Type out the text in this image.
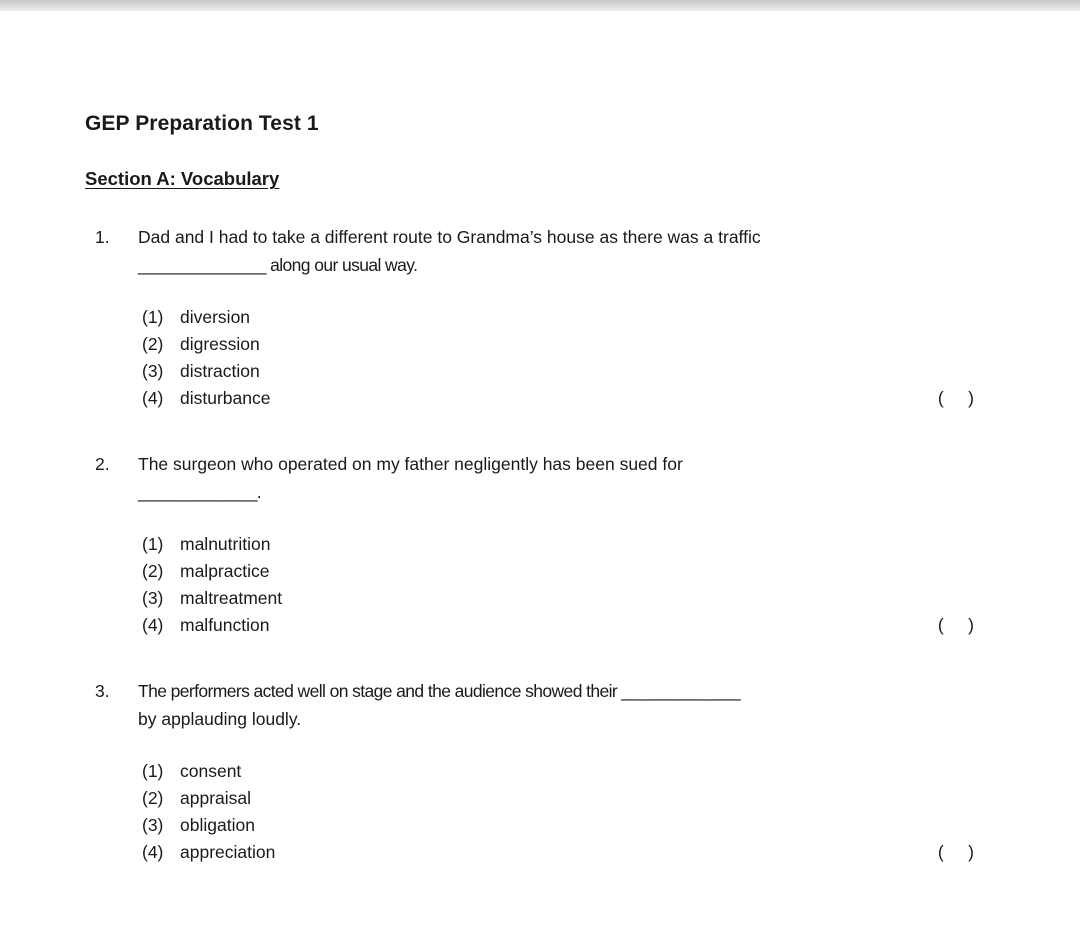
GEP Preparation Test 1
Section A: Vocabulary
1.	Dad and I had to take a different route to Grandma’s house as there was a traffic
______________ along our usual way.
(1) diversion
(2) digression
(3) distraction
(4) disturbance	(    )
2.	The surgeon who operated on my father negligently has been sued for
_____________.
(1) malnutrition
(2) malpractice
(3) maltreatment
(4) malfunction	(    )
3.	The performers acted well on stage and the audience showed their _____________
by applauding loudly.
(1) consent
(2) appraisal
(3) obligation
(4) appreciation	(    )
